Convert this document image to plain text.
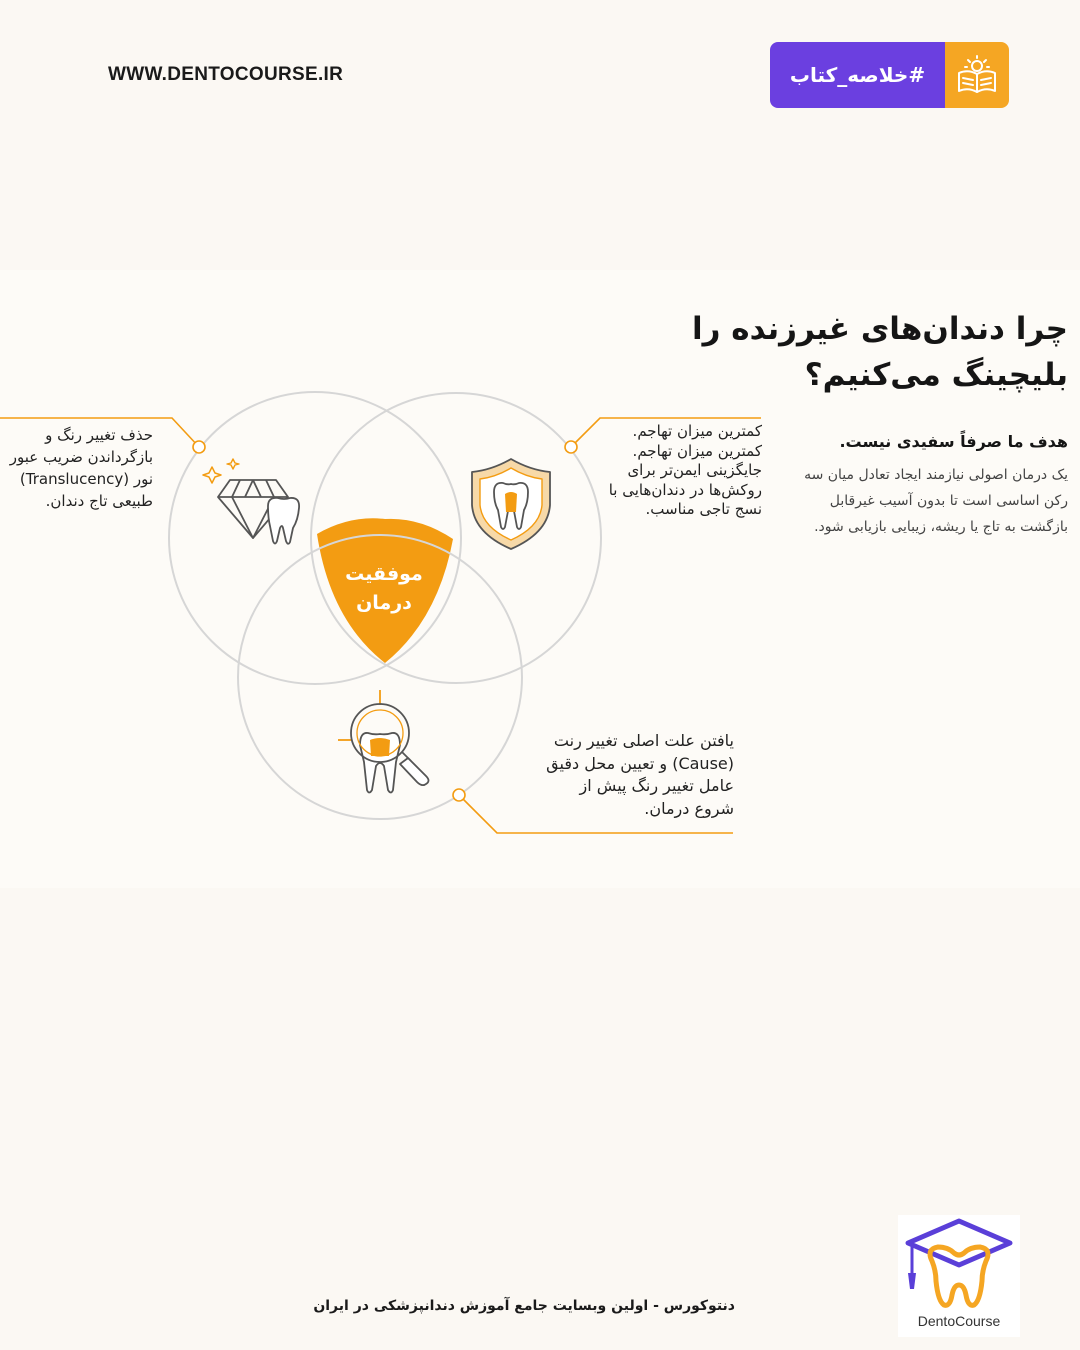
WWW.DENTOCOURSE.IR	#خلاصه_کتاب
چرا دندان‌های غیرزنده را
بلیچینگ می‌کنیم؟
هدف ما صرفاً سفیدی نیست.
یک درمان اصولی نیازمند ایجاد تعادل میان سه رکن اساسی است تا بدون آسیب غیرقابل بازگشت به تاج یا ریشه، زیبایی بازیابی شود.
موفقیت
درمان
حذف تغییر رنگ و بازگرداندن ضریب عبور نور (Translucency) طبیعی تاج دندان.
کمترین میزان تهاجم. کمترین میزان تهاجم. جایگزینی ایمن‌تر برای روکش‌ها در دندان‌هایی با نسج تاجی مناسب.
یافتن علت اصلی تغییر رنت (Cause) و تعیین محل دقیق عامل تغییر رنگ پیش از شروع درمان.
دنتوکورس - اولین وبسایت جامع آموزش دندانپزشکی در ایران
DentoCourse
